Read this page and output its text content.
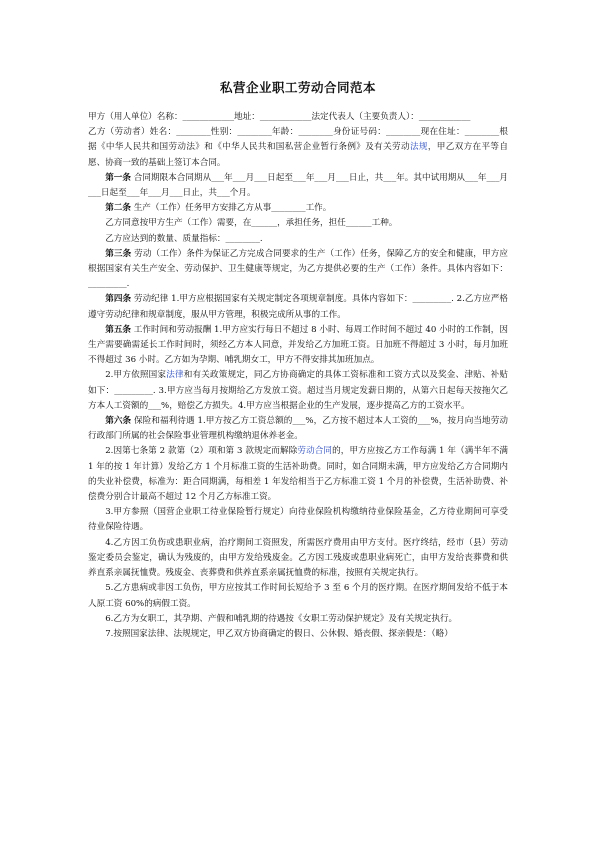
私营企业职工劳动合同范本

甲方（用人单位）名称：____________地址：____________法定代表人（主要负责人）：____________

乙方（劳动者）姓名：________性别：________年龄：________身份证号码：________现在住址：________根据《中华人民共和国劳动法》和《中华人民共和国私营企业暂行条例》及有关劳动法规，甲乙双方在平等自愿、协商一致的基础上签订本合同。

第一条 合同期限本合同期从___年___月___日起至___年___月___日止，共___年。其中试用期从___年___月___日起至___年___月___日止，共___个月。

第二条 生产（工作）任务甲方安排乙方从事________工作。

乙方同意按甲方生产（工作）需要，在______，承担任务，担任______工种。

乙方应达到的数量、质量指标：________.

第三条 劳动（工作）条件为保证乙方完成合同要求的生产（工作）任务，保障乙方的安全和健康，甲方应根据国家有关生产安全、劳动保护、卫生健康等规定，为乙方提供必要的生产（工作）条件。具体内容如下：_________.

第四条 劳动纪律 1.甲方应根据国家有关规定制定各项规章制度。具体内容如下：_________. 2.乙方应严格遵守劳动纪律和规章制度，服从甲方管理，积极完成所从事的工作。

第五条 工作时间和劳动报酬 1.甲方应实行每日不超过 8 小时、每周工作时间不超过 40 小时的工作制，因生产需要确需延长工作时间时，须经乙方本人同意，并发给乙方加班工资。日加班不得超过 3 小时，每月加班不得超过 36 小时。乙方如为孕期、哺乳期女工，甲方不得安排其加班加点。

2.甲方依照国家法律和有关政策规定，同乙方协商确定的具体工资标准和工资方式以及奖金、津贴、补贴如下：_________. 3.甲方应当每月按期给乙方发放工资。超过当月规定发薪日期的，从第六日起每天按拖欠乙方本人工资额的___%，赔偿乙方损失。4.甲方应当根据企业的生产发展，逐步提高乙方的工资水平。

第六条 保险和福利待遇 1.甲方按乙方工资总额的___%，乙方按不超过本人工资的___%，按月向当地劳动行政部门所属的社会保险事业管理机构缴纳退休养老金。

2.因第七条第 2 款第（2）项和第 3 款规定而解除劳动合同的，甲方应按乙方工作每满 1 年（满半年不满 1 年的按 1 年计算）发给乙方 1 个月标准工资的生活补助费。同时，如合同期未满，甲方应发给乙方合同期内的失业补偿费，标准为：距合同期满，每相差 1 年发给相当于乙方标准工资 1 个月的补偿费，生活补助费、补偿费分别合计最高不超过 12 个月乙方标准工资。

3.甲方参照（国营企业职工待业保险暂行规定）向待业保险机构缴纳待业保险基金，乙方待业期间可享受待业保险待遇。

4.乙方因工负伤或患职业病，治疗期间工资照发，所需医疗费用由甲方支付。医疗终结，经市（县）劳动鉴定委员会鉴定，确认为残废的，由甲方发给残废金。乙方因工残废或患职业病死亡，由甲方发给丧葬费和供养直系亲属抚恤费。残废金、丧葬费和供养直系亲属抚恤费的标准，按照有关规定执行。

5.乙方患病或非因工负伤，甲方应按其工作时间长短给予 3 至 6 个月的医疗期。在医疗期间发给不低于本人原工资 60%的病假工资。

6.乙方为女职工，其孕期、产假和哺乳期的待遇按《女职工劳动保护规定》及有关规定执行。

7.按照国家法律、法规规定，甲乙双方协商确定的假日、公休假、婚丧假、探亲假是：（略）
